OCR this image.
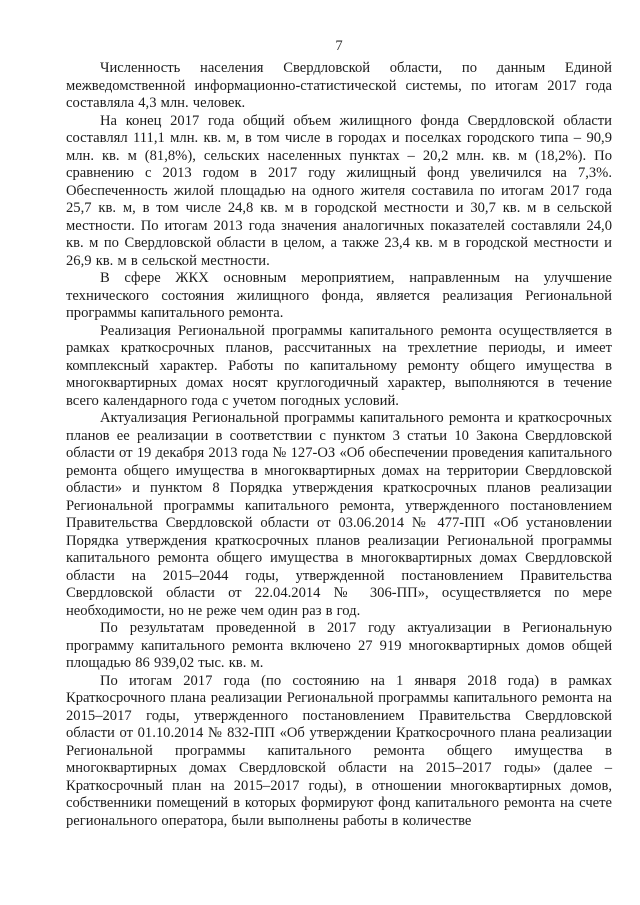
7

Численность населения Свердловской области, по данным Единой межведомственной информационно-статистической системы, по итогам 2017 года составляла 4,3 млн. человек.

На конец 2017 года общий объем жилищного фонда Свердловской области составлял 111,1 млн. кв. м, в том числе в городах и поселках городского типа – 90,9 млн. кв. м (81,8%), сельских населенных пунктах – 20,2 млн. кв. м (18,2%). По сравнению с 2013 годом в 2017 году жилищный фонд увеличился на 7,3%. Обеспеченность жилой площадью на одного жителя составила по итогам 2017 года 25,7 кв. м, в том числе 24,8 кв. м в городской местности и 30,7 кв. м в сельской местности. По итогам 2013 года значения аналогичных показателей составляли 24,0 кв. м по Свердловской области в целом, а также 23,4 кв. м в городской местности и 26,9 кв. м в сельской местности.

В сфере ЖКХ основным мероприятием, направленным на улучшение технического состояния жилищного фонда, является реализация Региональной программы капитального ремонта.

Реализация Региональной программы капитального ремонта осуществляется в рамках краткосрочных планов, рассчитанных на трехлетние периоды, и имеет комплексный характер. Работы по капитальному ремонту общего имущества в многоквартирных домах носят круглогодичный характер, выполняются в течение всего календарного года с учетом погодных условий.

Актуализация Региональной программы капитального ремонта и краткосрочных планов ее реализации в соответствии с пунктом 3 статьи 10 Закона Свердловской области от 19 декабря 2013 года № 127-ОЗ «Об обеспечении проведения капитального ремонта общего имущества в многоквартирных домах на территории Свердловской области» и пунктом 8 Порядка утверждения краткосрочных планов реализации Региональной программы капитального ремонта, утвержденного постановлением Правительства Свердловской области от 03.06.2014 № 477-ПП «Об установлении Порядка утверждения краткосрочных планов реализации Региональной программы капитального ремонта общего имущества в многоквартирных домах Свердловской области на 2015–2044 годы, утвержденной постановлением Правительства Свердловской области от 22.04.2014 № 306-ПП», осуществляется по мере необходимости, но не реже чем один раз в год.

По результатам проведенной в 2017 году актуализации в Региональную программу капитального ремонта включено 27 919 многоквартирных домов общей площадью 86 939,02 тыс. кв. м.

По итогам 2017 года (по состоянию на 1 января 2018 года) в рамках Краткосрочного плана реализации Региональной программы капитального ремонта на 2015–2017 годы, утвержденного постановлением Правительства Свердловской области от 01.10.2014 № 832-ПП «Об утверждении Краткосрочного плана реализации Региональной программы капитального ремонта общего имущества в многоквартирных домах Свердловской области на 2015–2017 годы» (далее – Краткосрочный план на 2015–2017 годы), в отношении многоквартирных домов, собственники помещений в которых формируют фонд капитального ремонта на счете регионального оператора, были выполнены работы в количестве
